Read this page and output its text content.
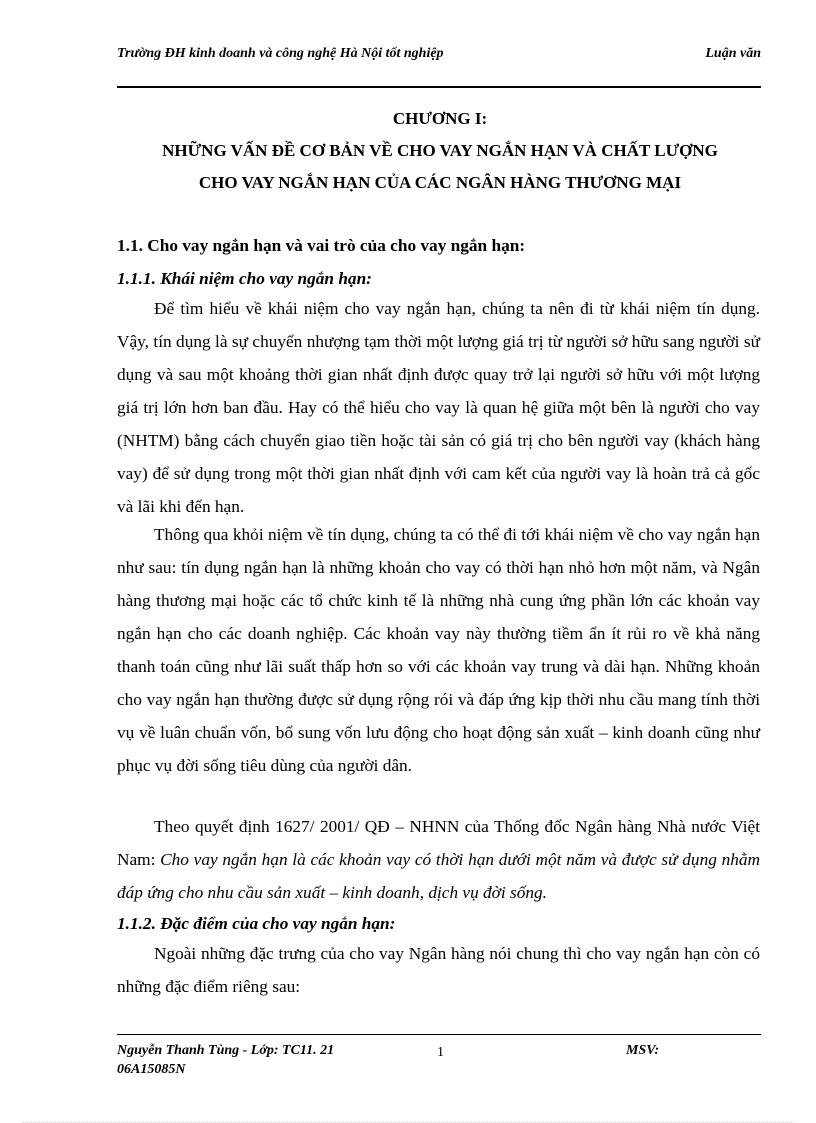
Trường ĐH kinh doanh và công nghệ Hà Nội tốt nghiệp	Luận văn
CHƯƠNG I:
NHỮNG VẤN ĐỀ CƠ BẢN VỀ CHO VAY NGẮN HẠN VÀ CHẤT LƯỢNG
CHO VAY NGẮN HẠN CỦA CÁC NGÂN HÀNG THƯƠNG MẠI
1.1. Cho vay ngắn hạn và vai trò của cho vay ngắn hạn:
1.1.1. Khái niệm cho vay ngắn hạn:

Để tìm hiểu về khái niệm cho vay ngắn hạn, chúng ta nên đi từ khái niệm tín dụng. Vậy, tín dụng là sự chuyển nhượng tạm thời một lượng giá trị từ người sở hữu sang người sử dụng và sau một khoảng thời gian nhất định được quay trở lại người sở hữu với một lượng giá trị lớn hơn ban đầu. Hay có thể hiểu cho vay là quan hệ giữa một bên là người cho vay (NHTM) bằng cách chuyển giao tiền hoặc tài sản có giá trị cho bên người vay (khách hàng vay) để sử dụng trong một thời gian nhất định với cam kết của người vay là hoàn trả cả gốc và lãi khi đến hạn.

Thông qua khỏi niệm về tín dụng, chúng ta có thể đi tới khái niệm về cho vay ngắn hạn như sau: tín dụng ngắn hạn là những khoản cho vay có thời hạn nhỏ hơn một năm, và Ngân hàng thương mại hoặc các tổ chức kinh tế là những nhà cung ứng phần lớn các khoản vay ngắn hạn cho các doanh nghiệp. Các khoản vay này thường tiềm ẩn ít rủi ro về khả năng thanh toán cũng như lãi suất thấp hơn so với các khoản vay trung và dài hạn. Những khoản cho vay ngắn hạn thường được sử dụng rộng rói và đáp ứng kịp thời nhu cầu mang tính thời vụ về luân chuẩn vốn, bổ sung vốn lưu động cho hoạt động sản xuất – kinh doanh cũng như phục vụ đời sống tiêu dùng của người dân.

Theo quyết định 1627/ 2001/ QĐ – NHNN của Thống đốc Ngân hàng Nhà nước Việt Nam: Cho vay ngắn hạn là các khoản vay có thời hạn dưới một năm và được sử dụng nhằm đáp ứng cho nhu cầu sản xuất – kinh doanh, dịch vụ đời sống.

1.1.2. Đặc điểm của cho vay ngắn hạn:

Ngoài những đặc trưng của cho vay Ngân hàng nói chung thì cho vay ngắn hạn còn có những đặc điểm riêng sau:

Nguyễn Thanh Tùng - Lớp: TC11. 21	1	MSV:
06A15085N
